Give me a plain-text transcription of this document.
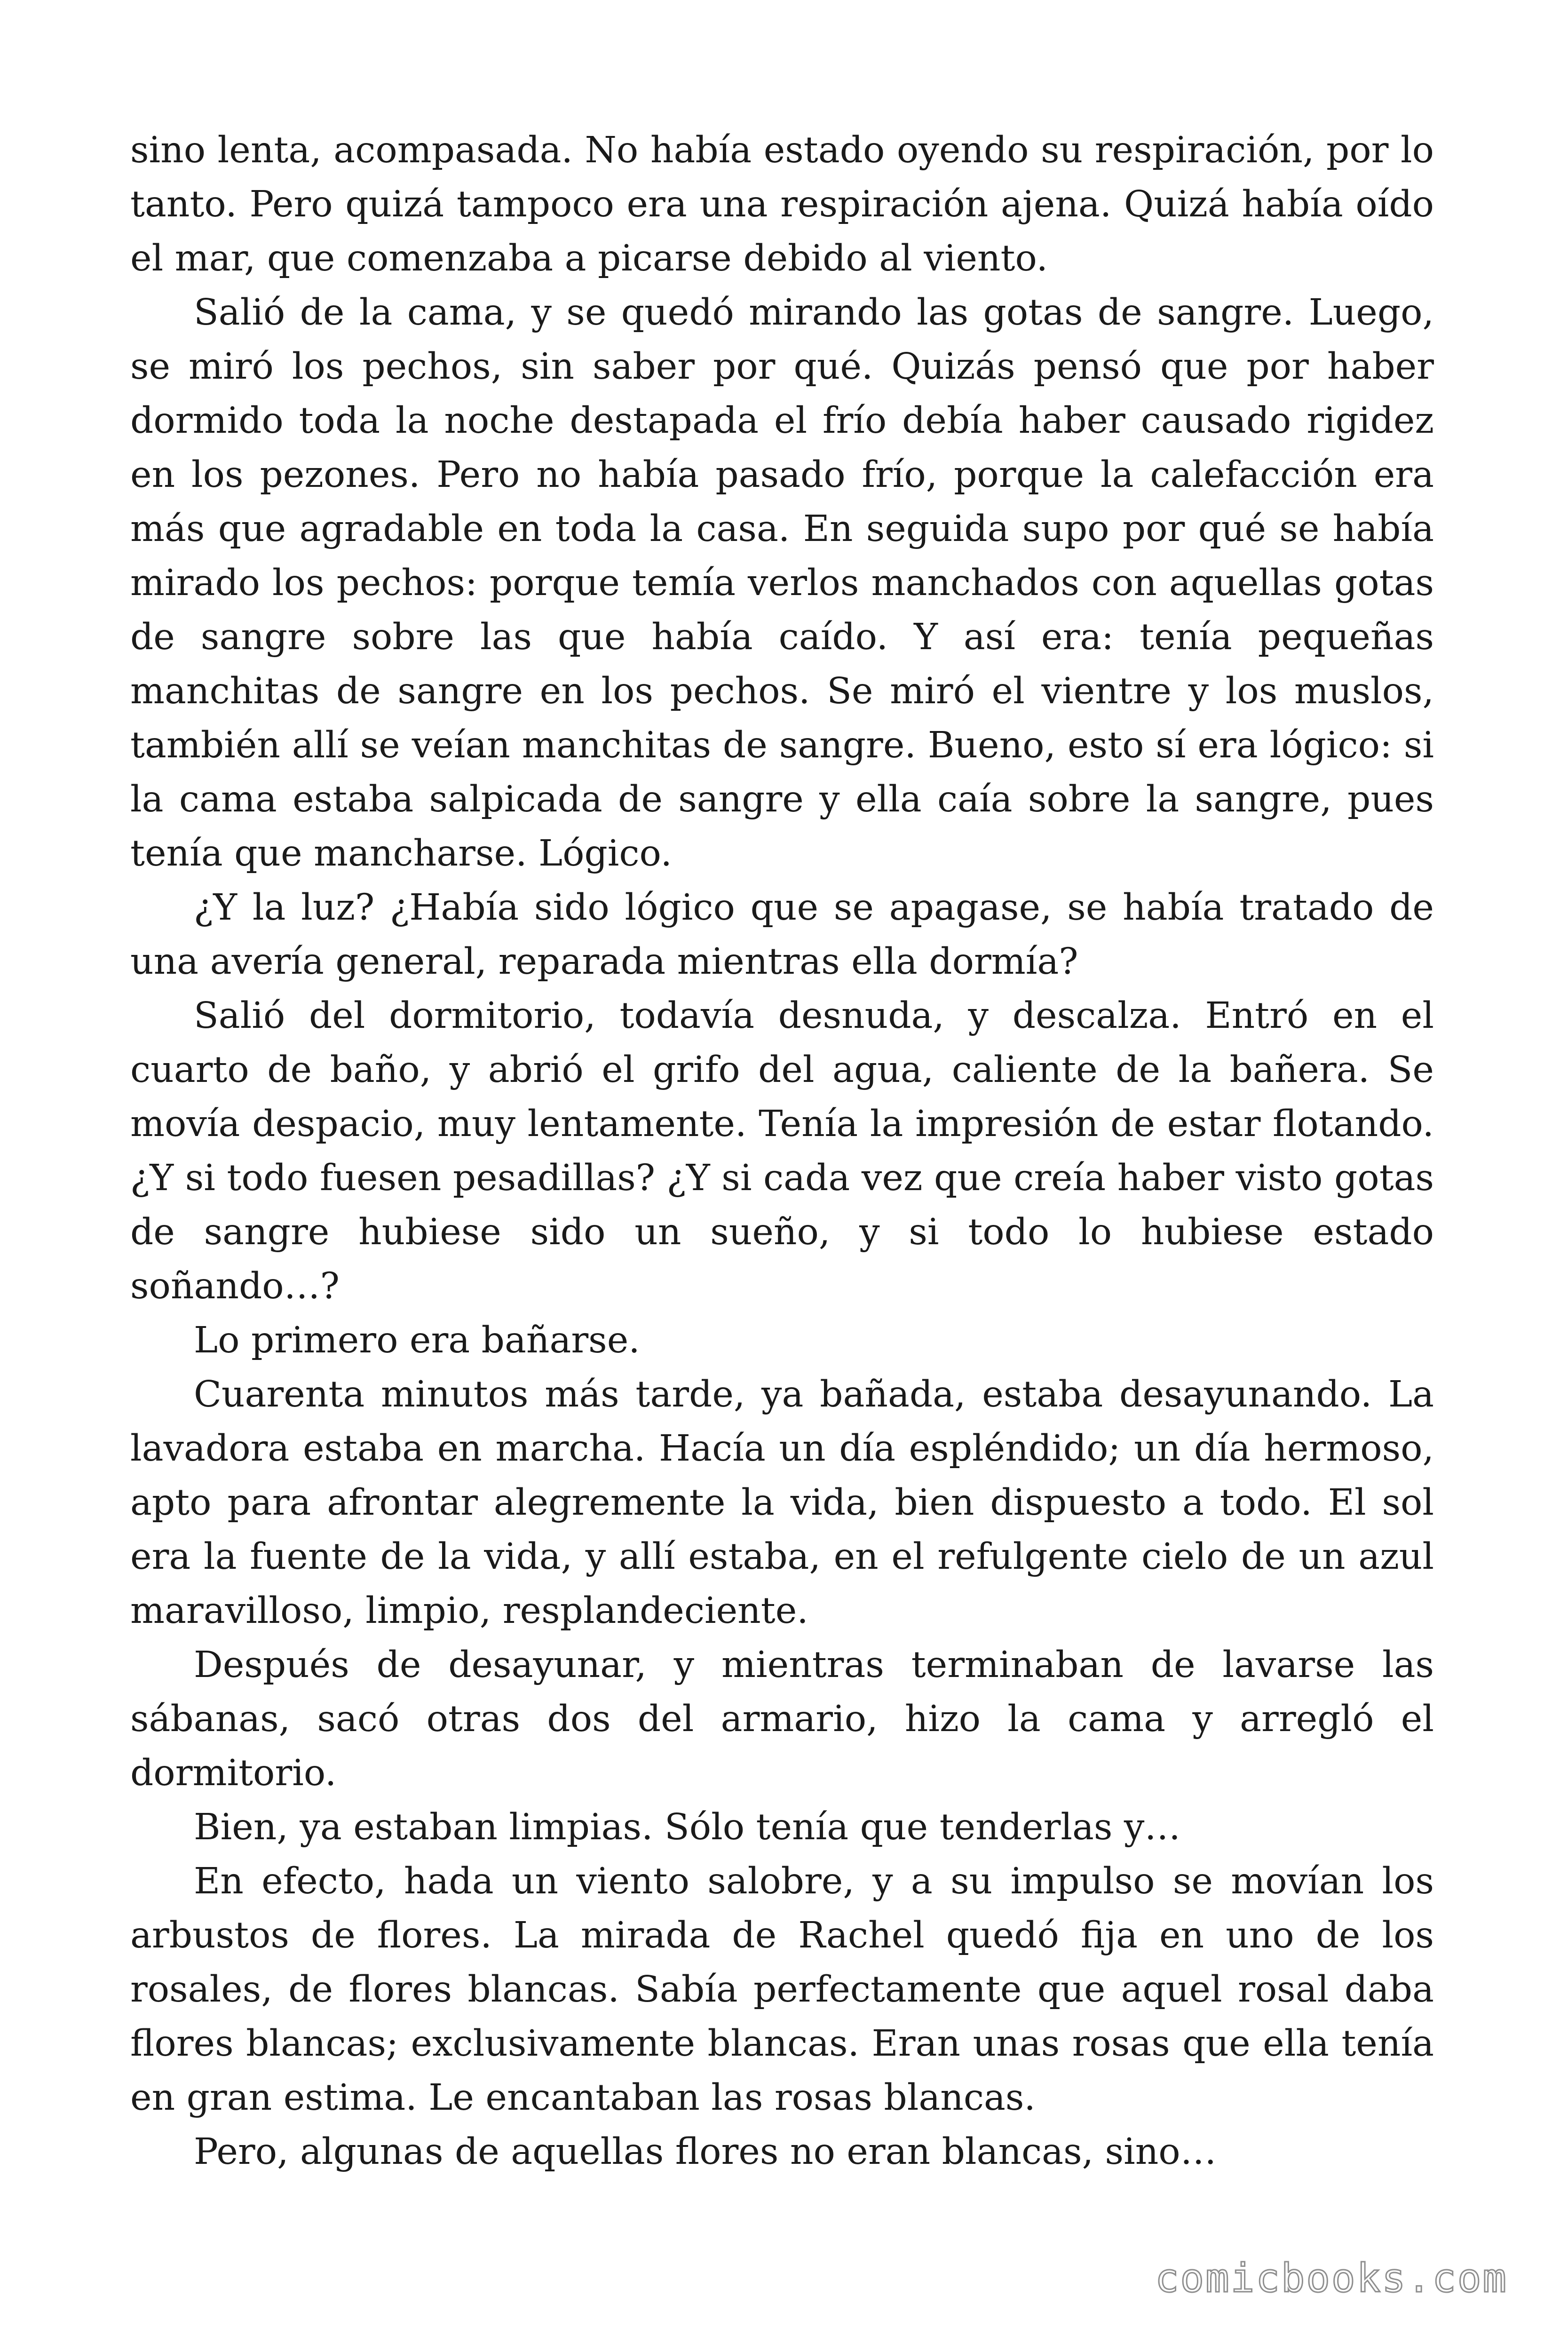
sino lenta, acompasada. No había estado oyendo su respiración, por lo tanto. Pero quizá tampoco era una respiración ajena. Quizá había oído el mar, que comenzaba a picarse debido al viento.

Salió de la cama, y se quedó mirando las gotas de sangre. Luego, se miró los pechos, sin saber por qué. Quizás pensó que por haber dormido toda la noche destapada el frío debía haber causado rigidez en los pezones. Pero no había pasado frío, porque la calefacción era más que agradable en toda la casa. En seguida supo por qué se había mirado los pechos: porque temía verlos manchados con aquellas gotas de sangre sobre las que había caído. Y así era: tenía pequeñas manchitas de sangre en los pechos. Se miró el vientre y los muslos, también allí se veían manchitas de sangre. Bueno, esto sí era lógico: si la cama estaba salpicada de sangre y ella caía sobre la sangre, pues tenía que mancharse. Lógico.

¿Y la luz? ¿Había sido lógico que se apagase, se había tratado de una avería general, reparada mientras ella dormía?

Salió del dormitorio, todavía desnuda, y descalza. Entró en el cuarto de baño, y abrió el grifo del agua, caliente de la bañera. Se movía despacio, muy lentamente. Tenía la impresión de estar flotando. ¿Y si todo fuesen pesadillas? ¿Y si cada vez que creía haber visto gotas de sangre hubiese sido un sueño, y si todo lo hubiese estado soñando…?

Lo primero era bañarse.

Cuarenta minutos más tarde, ya bañada, estaba desayunando. La lavadora estaba en marcha. Hacía un día espléndido; un día hermoso, apto para afrontar alegremente la vida, bien dispuesto a todo. El sol era la fuente de la vida, y allí estaba, en el refulgente cielo de un azul maravilloso, limpio, resplandeciente.

Después de desayunar, y mientras terminaban de lavarse las sábanas, sacó otras dos del armario, hizo la cama y arregló el dormitorio.

Bien, ya estaban limpias. Sólo tenía que tenderlas y…

En efecto, hada un viento salobre, y a su impulso se movían los arbustos de flores. La mirada de Rachel quedó fija en uno de los rosales, de flores blancas. Sabía perfectamente que aquel rosal daba flores blancas; exclusivamente blancas. Eran unas rosas que ella tenía en gran estima. Le encantaban las rosas blancas.

Pero, algunas de aquellas flores no eran blancas, sino…

comicbooks.com
